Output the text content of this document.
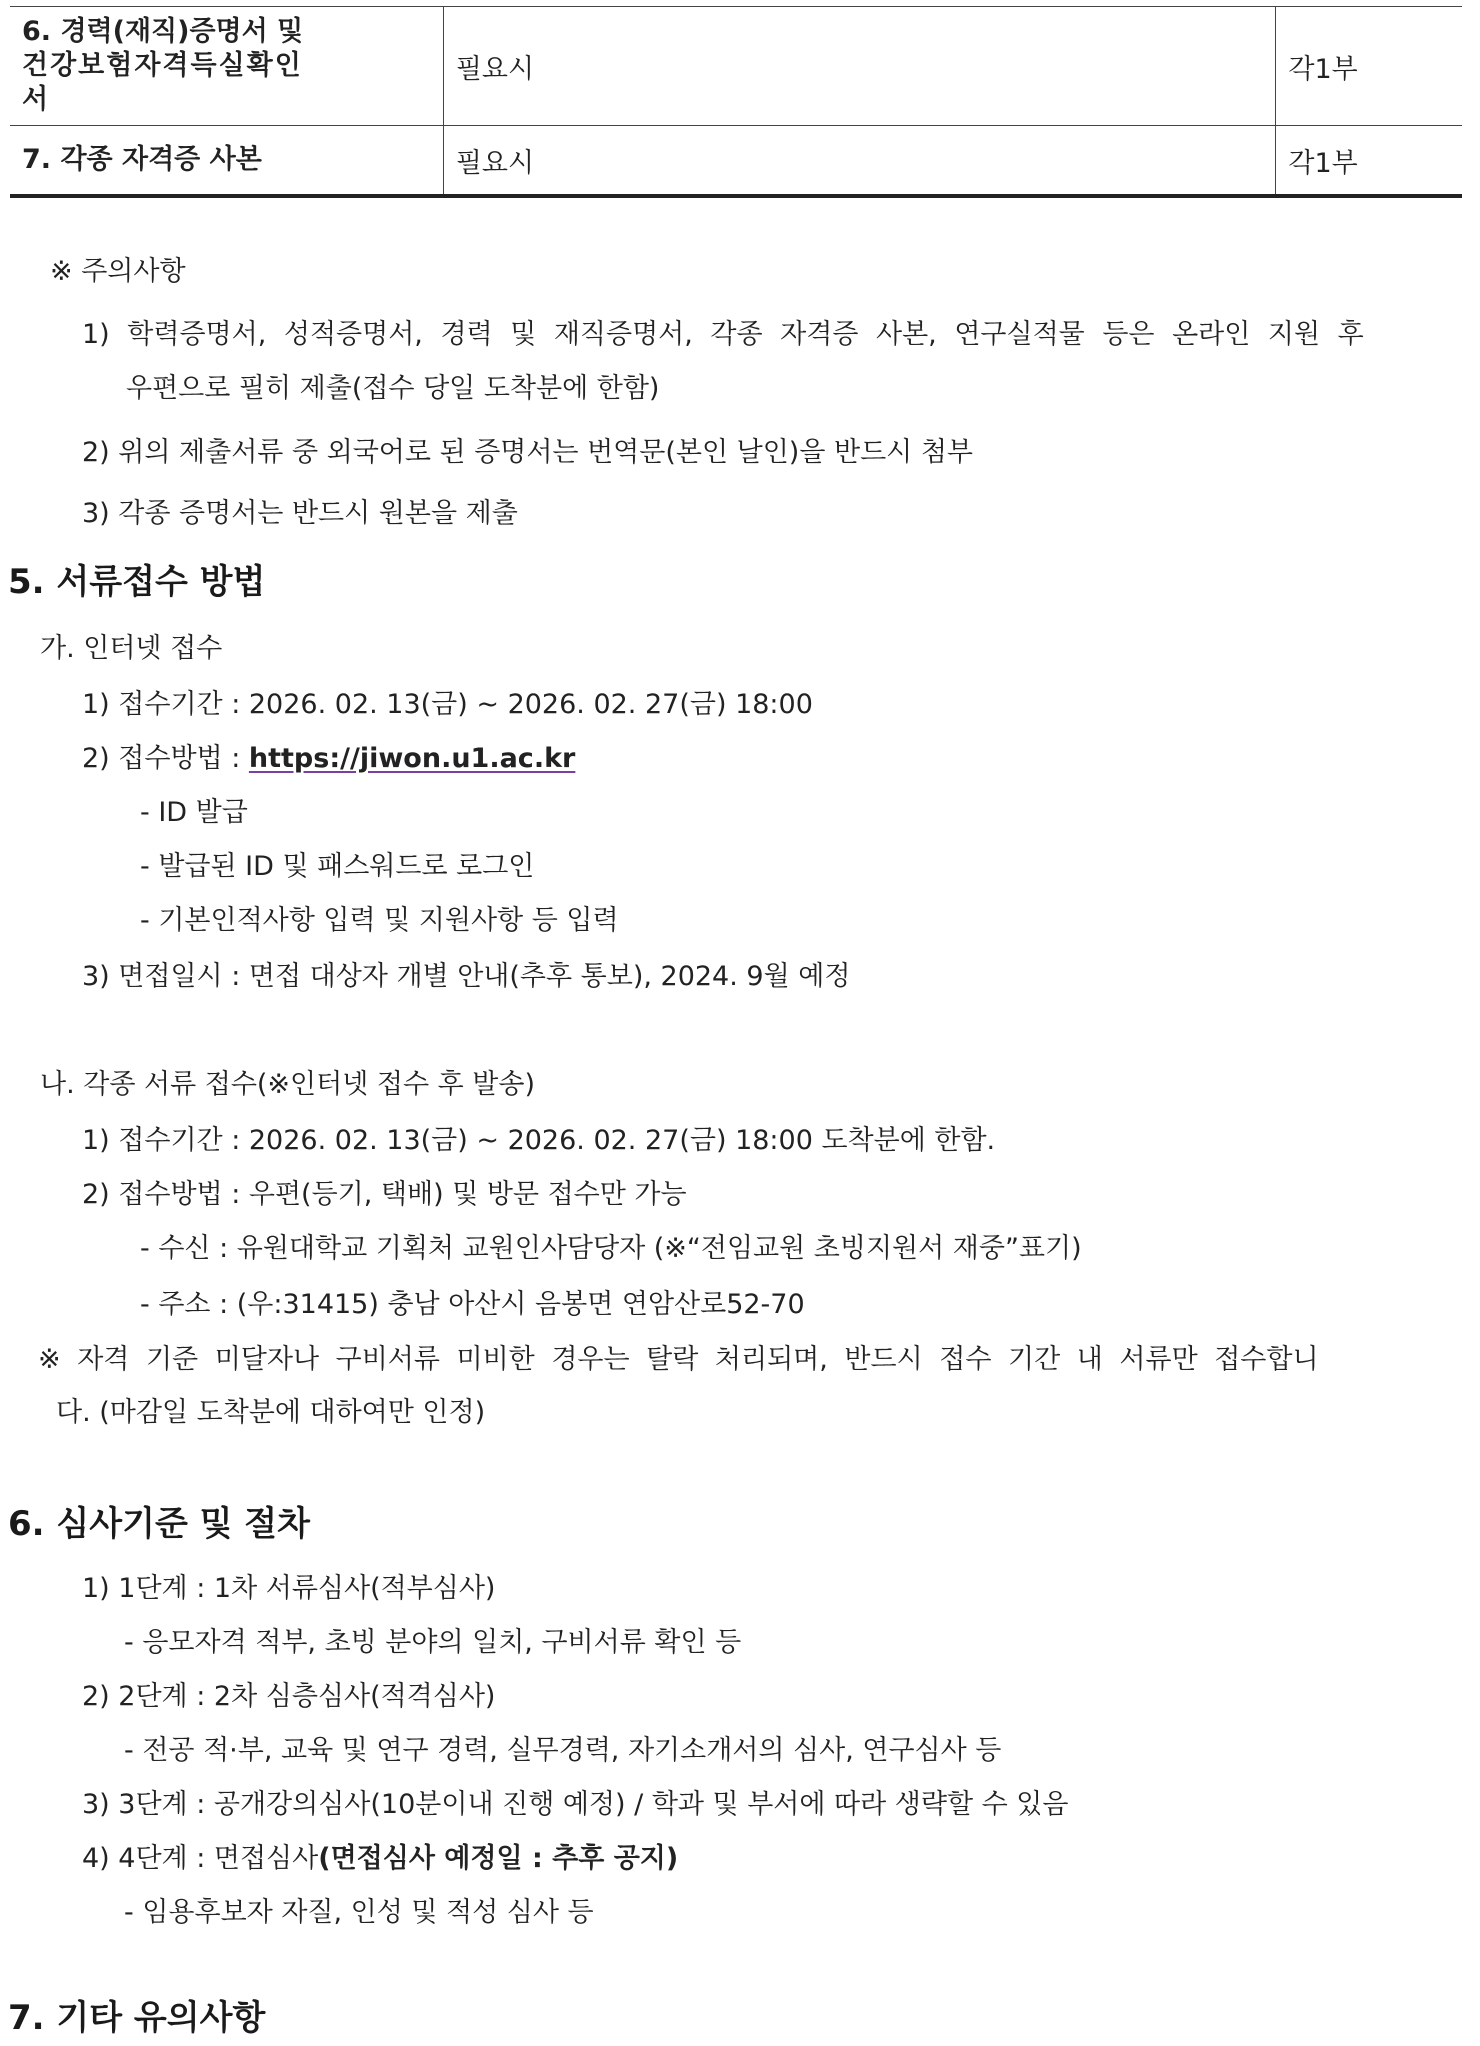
6. 경력(재직)증명서 및
건강보험자격득실확인
서	필요시	각1부
7. 각종 자격증 사본	필요시	각1부
※ 주의사항
1) 학력증명서, 성적증명서, 경력 및 재직증명서, 각종 자격증 사본, 연구실적물 등은 온라인 지원 후
우편으로 필히 제출(접수 당일 도착분에 한함)
2) 위의 제출서류 중 외국어로 된 증명서는 번역문(본인 날인)을 반드시 첨부
3) 각종 증명서는 반드시 원본을 제출
5. 서류접수 방법
가. 인터넷 접수
1) 접수기간 : 2026. 02. 13(금) ~ 2026. 02. 27(금) 18:00
2) 접수방법 : https://jiwon.u1.ac.kr
- ID 발급
- 발급된 ID 및 패스워드로 로그인
- 기본인적사항 입력 및 지원사항 등 입력
3) 면접일시 : 면접 대상자 개별 안내(추후 통보), 2024. 9월 예정
나. 각종 서류 접수(※인터넷 접수 후 발송)
1) 접수기간 : 2026. 02. 13(금) ~ 2026. 02. 27(금) 18:00 도착분에 한함.
2) 접수방법 : 우편(등기, 택배) 및 방문 접수만 가능
- 수신 : 유원대학교 기획처 교원인사담당자 (※“전임교원 초빙지원서 재중”표기)
- 주소 : (우:31415) 충남 아산시 음봉면 연암산로52-70
※ 자격 기준 미달자나 구비서류 미비한 경우는 탈락 처리되며, 반드시 접수 기간 내 서류만 접수합니
다. (마감일 도착분에 대하여만 인정)
6. 심사기준 및 절차
1) 1단계 : 1차 서류심사(적부심사)
- 응모자격 적부, 초빙 분야의 일치, 구비서류 확인 등
2) 2단계 : 2차 심층심사(적격심사)
- 전공 적·부, 교육 및 연구 경력, 실무경력, 자기소개서의 심사, 연구심사 등
3) 3단계 : 공개강의심사(10분이내 진행 예정) / 학과 및 부서에 따라 생략할 수 있음
4) 4단계 : 면접심사(면접심사 예정일 : 추후 공지)
- 임용후보자 자질, 인성 및 적성 심사 등
7. 기타 유의사항
